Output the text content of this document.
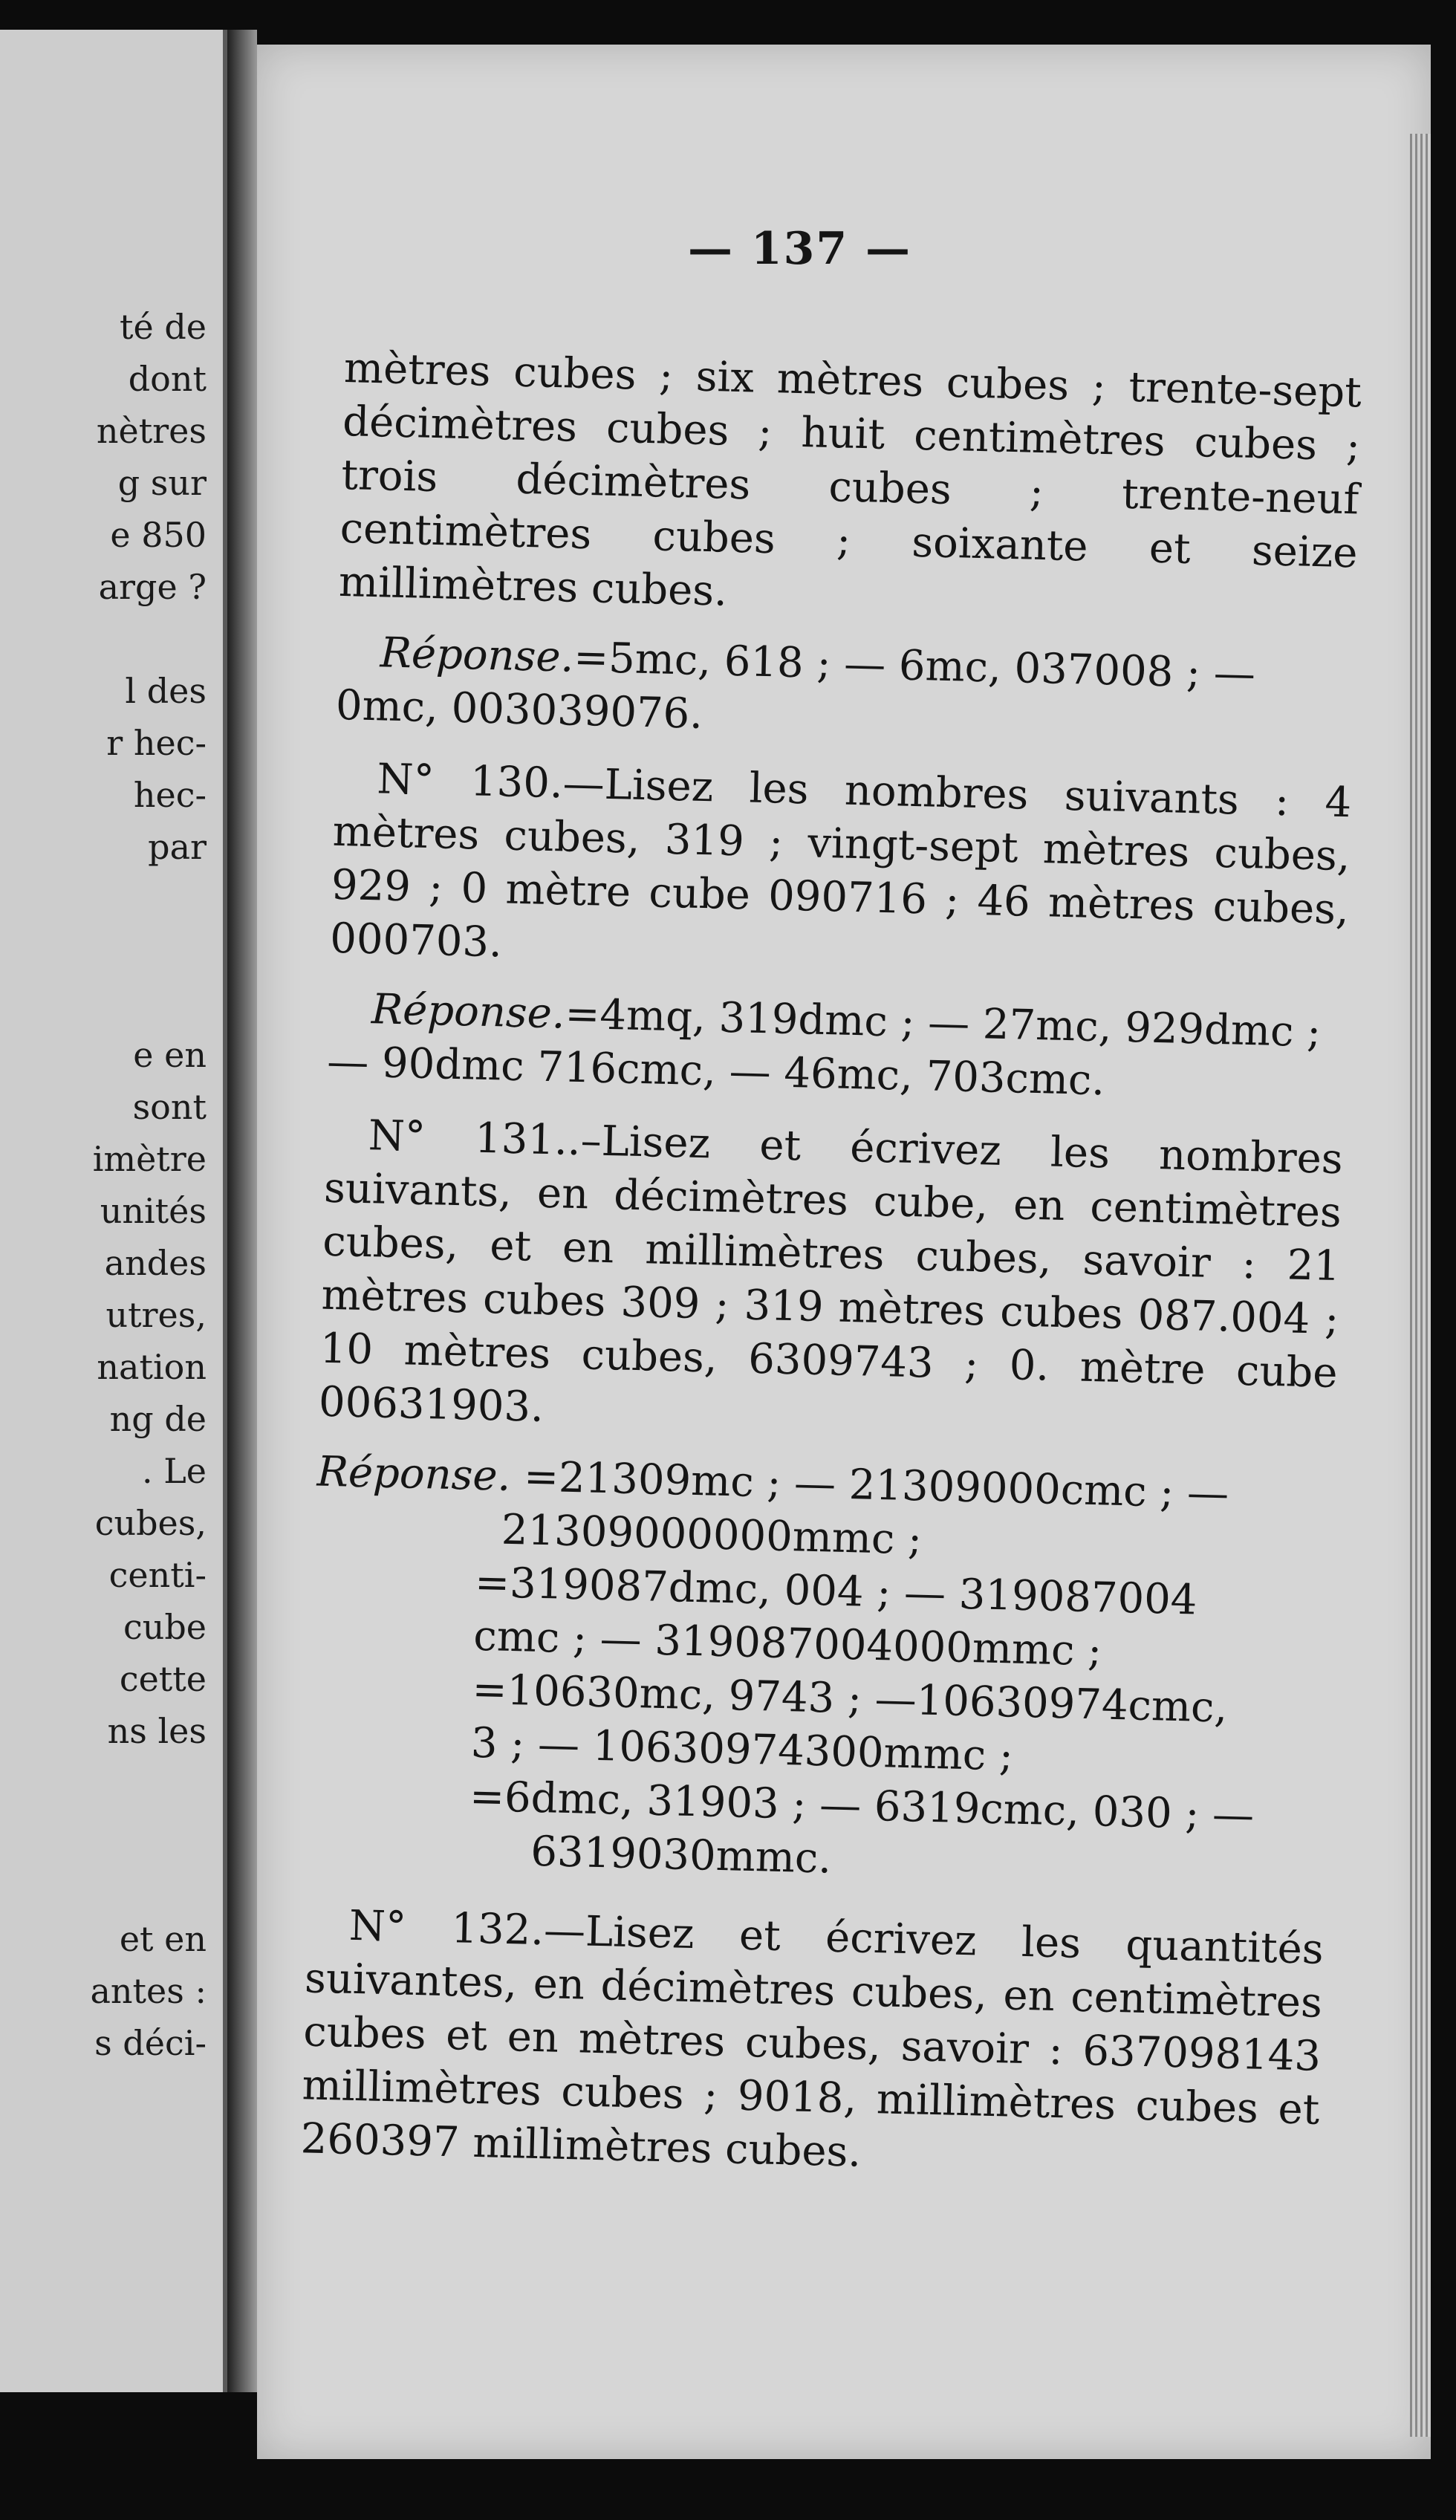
té de
dont
nètres
g sur
e 850
arge ?
l des
r hec-
hec-
par
e en
sont
imètre
unités
andes
utres,
nation
ng de
. Le
cubes,
centi-
cube
cette
ns les
et en
antes :
s déci-
— 137 —

mètres cubes ; six mètres cubes ; trente-sept décimètres cubes ; huit centimètres cubes ; trois décimètres cubes ; trente-neuf centimètres cubes ; soixante et seize millimètres cubes.

Réponse.=5mc, 618 ; — 6mc, 037008 ; — 0mc, 003039076.

N° 130.—Lisez les nombres suivants : 4 mètres cubes, 319 ; vingt-sept mètres cubes, 929 ; 0 mètre cube 090716 ; 46 mètres cubes, 000703.

Réponse.=4mq, 319dmc ; — 27mc, 929dmc ; — 90dmc 716cmc, — 46mc, 703cmc.

N° 131..–Lisez et écrivez les nombres suivants, en décimètres cube, en centimètres cubes, et en millimètres cubes, savoir : 21 mètres cubes 309 ; 319 mètres cubes 087.004 ; 10 mètres cubes, 6309743 ; 0. mètre cube 00631903.

Réponse. =21309mc ; — 21309000cmc ; —
21309000000mmc ;
=319087dmc, 004 ; — 319087004
cmc ; — 319087004000mmc ;
=10630mc, 9743 ; —10630974cmc,
3 ; — 10630974300mmc ;
=6dmc, 31903 ; — 6319cmc, 030 ; —
6319030mmc.

N° 132.—Lisez et écrivez les quantités suivantes, en décimètres cubes, en centimètres cubes et en mètres cubes, savoir : 637098143 millimètres cubes ; 9018, millimètres cubes et 260397 millimètres cubes.
